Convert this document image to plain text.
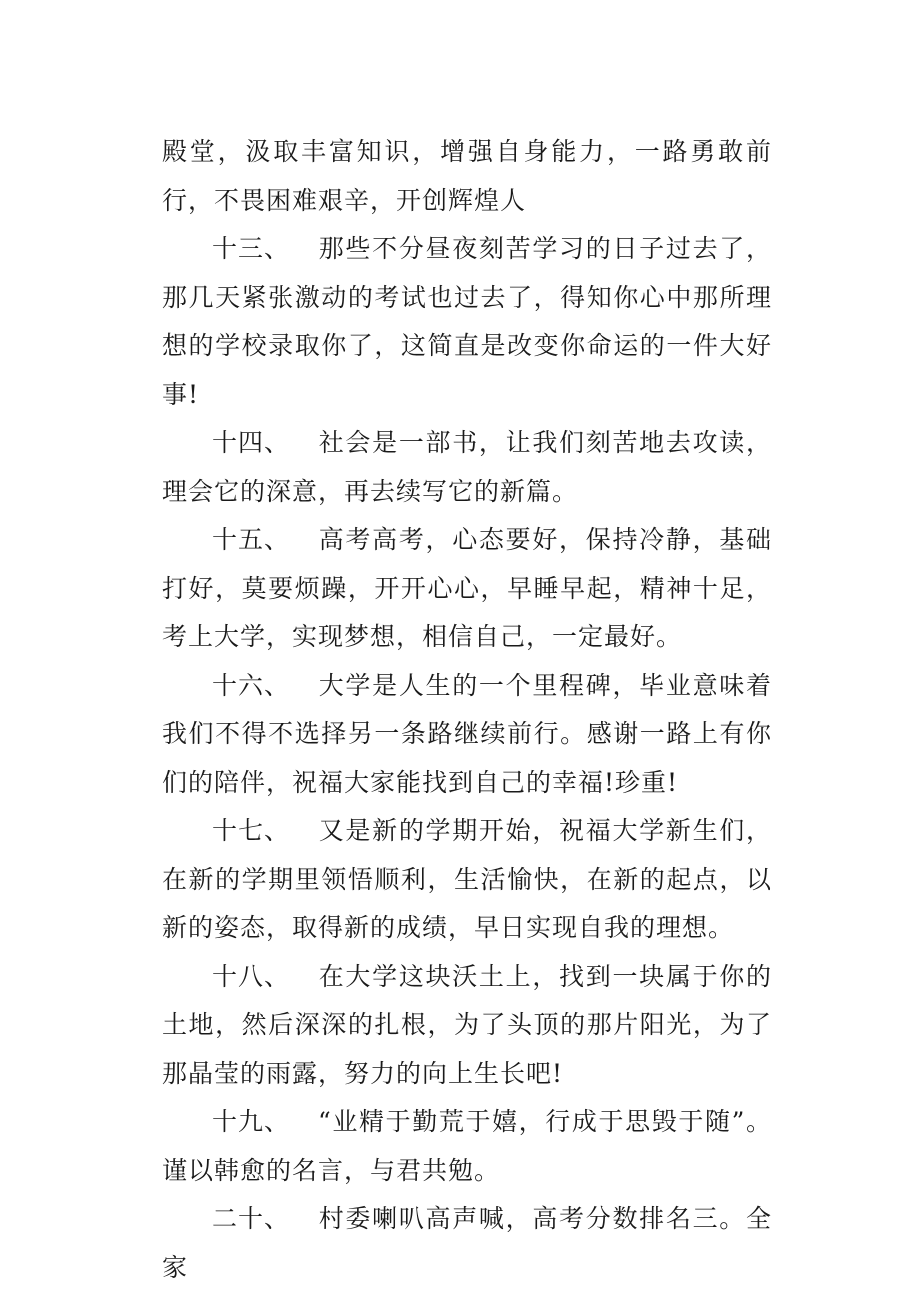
殿堂，汲取丰富知识，增强自身能力，一路勇敢前行，不畏困难艰辛，开创辉煌人

十三、 那些不分昼夜刻苦学习的日子过去了，那几天紧张激动的考试也过去了，得知你心中那所理想的学校录取你了，这简直是改变你命运的一件大好事!

十四、 社会是一部书，让我们刻苦地去攻读，理会它的深意，再去续写它的新篇。

十五、 高考高考，心态要好，保持冷静，基础打好，莫要烦躁，开开心心，早睡早起，精神十足，考上大学，实现梦想，相信自己，一定最好。

十六、 大学是人生的一个里程碑，毕业意味着我们不得不选择另一条路继续前行。感谢一路上有你们的陪伴，祝福大家能找到自己的幸福!珍重!

十七、 又是新的学期开始，祝福大学新生们，在新的学期里领悟顺利，生活愉快，在新的起点，以新的姿态，取得新的成绩，早日实现自我的理想。

十八、 在大学这块沃土上，找到一块属于你的土地，然后深深的扎根，为了头顶的那片阳光，为了那晶莹的雨露，努力的向上生长吧!

十九、 “业精于勤荒于嬉，行成于思毁于随”。谨以韩愈的名言，与君共勉。

二十、 村委喇叭高声喊，高考分数排名三。全家
